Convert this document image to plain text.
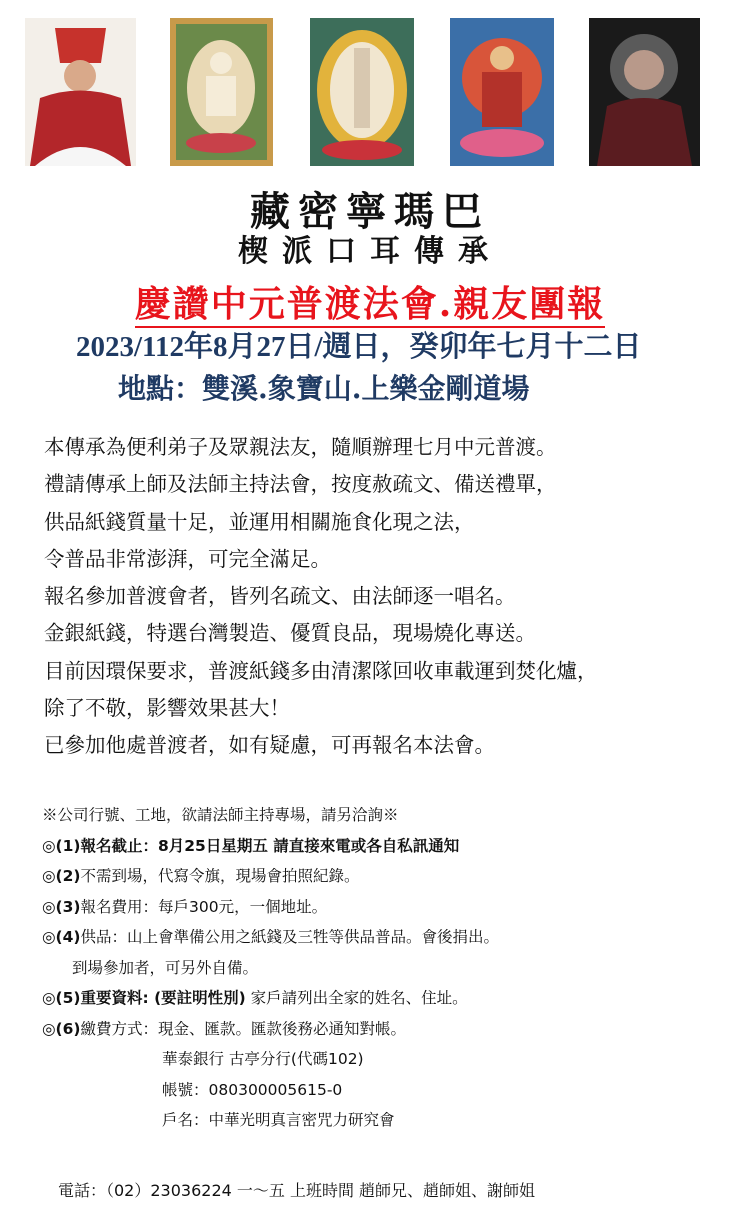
藏密寧瑪巴
楔派口耳傳承
慶讚中元普渡法會.親友團報
2023/112年8月27日/週日，癸卯年七月十二日
地點：雙溪.象寶山.上樂金剛道場
本傳承為便利弟子及眾親法友，隨順辦理七月中元普渡。
禮請傳承上師及法師主持法會，按度赦疏文、備送禮單，
供品紙錢質量十足，並運用相關施食化現之法，
令普品非常澎湃，可完全滿足。
報名參加普渡會者，皆列名疏文、由法師逐一唱名。
金銀紙錢，特選台灣製造、優質良品，現場燒化專送。
目前因環保要求，普渡紙錢多由清潔隊回收車載運到焚化爐，
除了不敬，影響效果甚大！
已參加他處普渡者，如有疑慮，可再報名本法會。
※公司行號、工地，欲請法師主持專場，請另洽詢※
◎(1)報名截止：8月25日星期五 請直接來電或各自私訊通知
◎(2)不需到場，代寫令旗，現場會拍照紀錄。
◎(3)報名費用：每戶300元，一個地址。
◎(4)供品：山上會準備公用之紙錢及三牲等供品普品。會後捐出。
到場參加者，可另外自備。
◎(5)重要資料: (要註明性別) 家戶請列出全家的姓名、住址。
◎(6)繳費方式：現金、匯款。匯款後務必通知對帳。
華泰銀行 古亭分行(代碼102)
帳號：080300005615-0
戶名：中華光明真言密咒力研究會
電話：（02）23036224 一～五 上班時間 趙師兄、趙師姐、謝師姐
